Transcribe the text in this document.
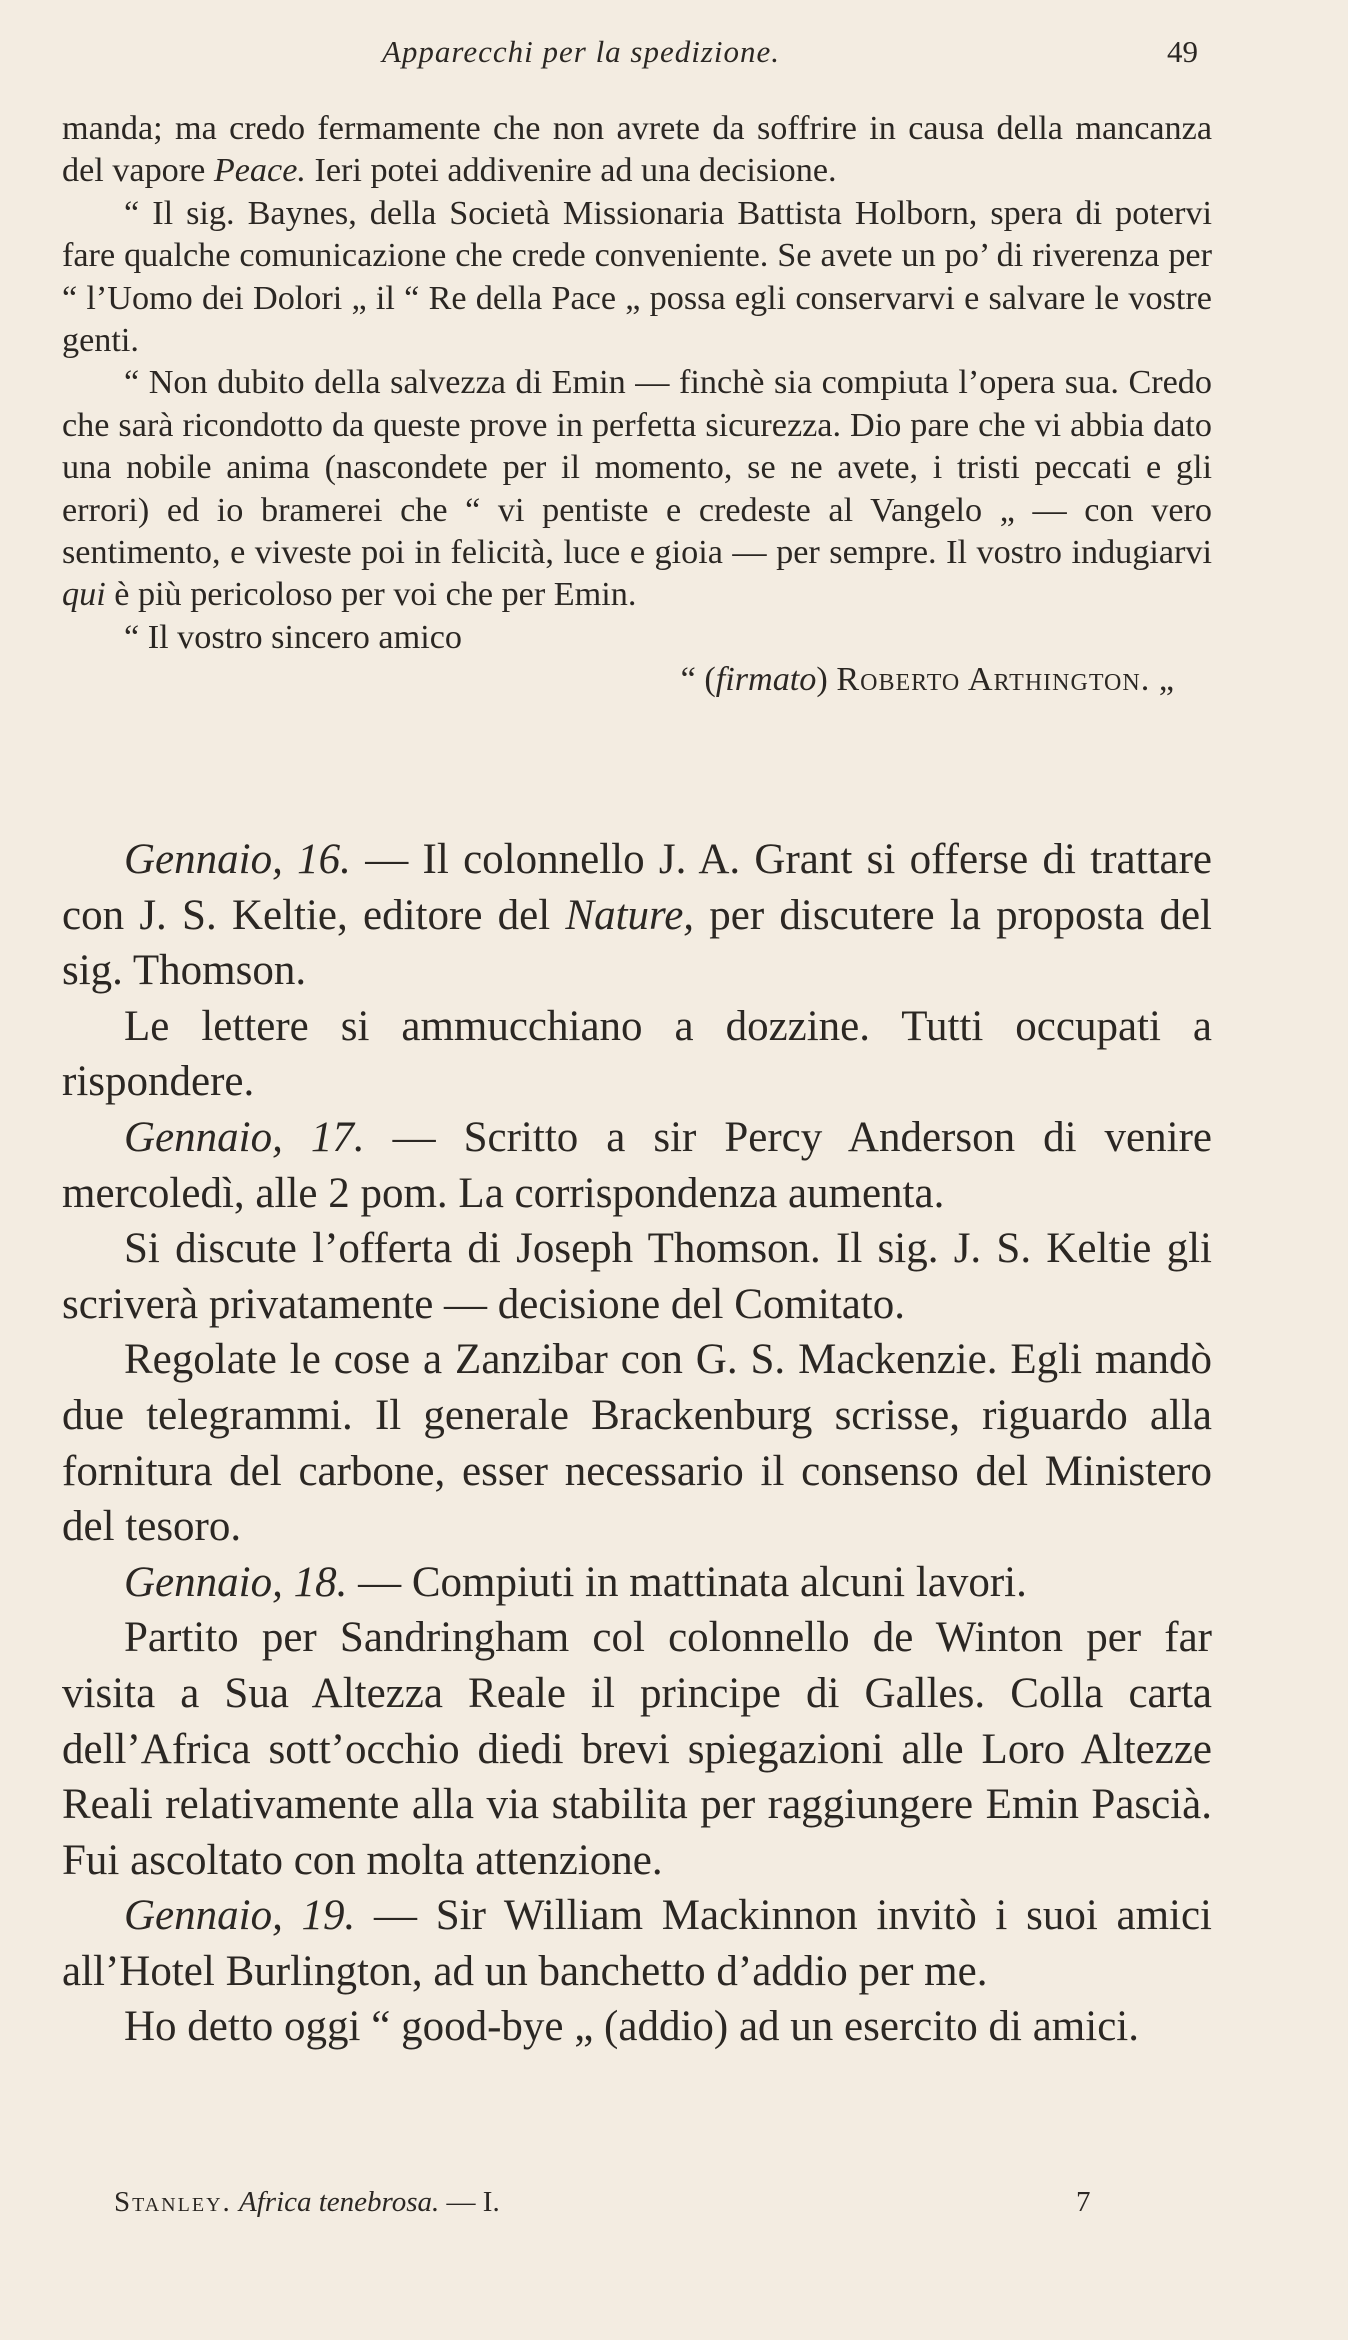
Apparecchi per la spedizione.	49

manda; ma credo fermamente che non avrete da soffrire in causa della mancanza del vapore Peace. Ieri potei addivenire ad una decisione.

“ Il sig. Baynes, della Società Missionaria Battista Holborn, spera di potervi fare qualche comunicazione che crede conveniente. Se avete un po’ di riverenza per “ l’Uomo dei Dolori „ il “ Re della Pace „ possa egli conservarvi e salvare le vostre genti.

“ Non dubito della salvezza di Emin — finchè sia compiuta l’opera sua. Credo che sarà ricondotto da queste prove in perfetta sicurezza. Dio pare che vi abbia dato una nobile anima (nascondete per il momento, se ne avete, i tristi peccati e gli errori) ed io bramerei che “ vi pentiste e credeste al Vangelo „ — con vero sentimento, e viveste poi in felicità, luce e gioia — per sempre. Il vostro indugiarvi qui è più pericoloso per voi che per Emin.

“ Il vostro sincero amico

“ (firmato) Roberto Arthington. „

Gennaio, 16. — Il colonnello J. A. Grant si offerse di trattare con J. S. Keltie, editore del Nature, per discutere la proposta del sig. Thomson.

Le lettere si ammucchiano a dozzine. Tutti occupati a rispondere.

Gennaio, 17. — Scritto a sir Percy Anderson di venire mercoledì, alle 2 pom. La corrispondenza aumenta.

Si discute l’offerta di Joseph Thomson. Il sig. J. S. Keltie gli scriverà privatamente — decisione del Comitato.

Regolate le cose a Zanzibar con G. S. Mackenzie. Egli mandò due telegrammi. Il generale Brackenburg scrisse, riguardo alla fornitura del carbone, esser necessario il consenso del Ministero del tesoro.

Gennaio, 18. — Compiuti in mattinata alcuni lavori.

Partito per Sandringham col colonnello de Winton per far visita a Sua Altezza Reale il principe di Galles. Colla carta dell’Africa sott’occhio diedi brevi spiegazioni alle Loro Altezze Reali relativamente alla via stabilita per raggiungere Emin Pascià. Fui ascoltato con molta attenzione.

Gennaio, 19. — Sir William Mackinnon invitò i suoi amici all’Hotel Burlington, ad un banchetto d’addio per me.

Ho detto oggi “ good-bye „ (addio) ad un esercito di amici.

Stanley. Africa tenebrosa. — I.	7
